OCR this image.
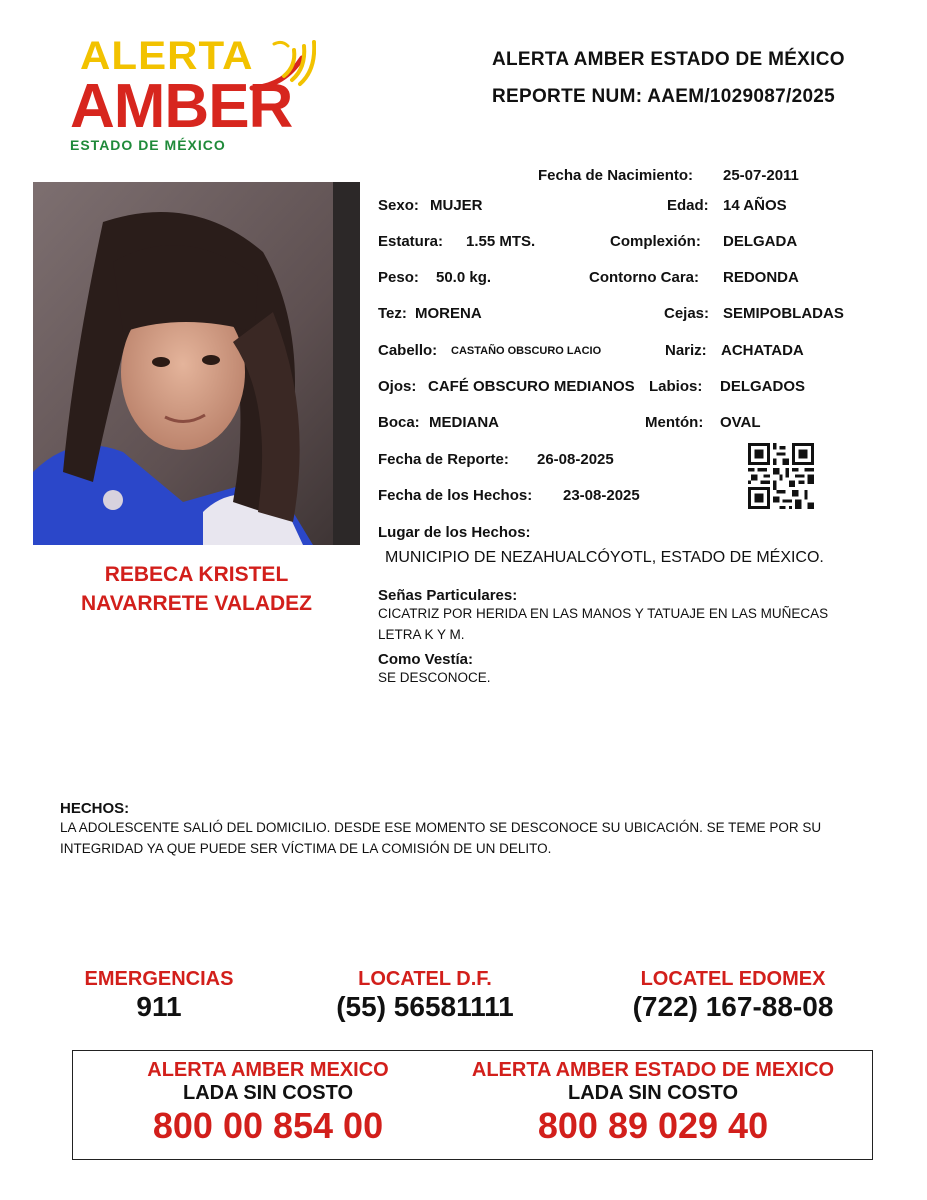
ALERTA
AMBER
ESTADO DE MÉXICO
ALERTA AMBER ESTADO DE MÉXICO
REPORTE NUM: AAEM/1029087/2025
REBECA KRISTEL
NAVARRETE VALADEZ
Fecha de Nacimiento: 25-07-2011
Sexo: MUJER	Edad: 14 AÑOS
Estatura: 1.55 MTS.	Complexión: DELGADA
Peso: 50.0 kg.	Contorno Cara: REDONDA
Tez: MORENA	Cejas: SEMIPOBLADAS
Cabello: CASTAÑO OBSCURO LACIO	Nariz: ACHATADA
Ojos: CAFÉ OBSCURO MEDIANOS Labios: DELGADOS
Boca: MEDIANA	Mentón: OVAL
Fecha de Reporte: 26-08-2025
Fecha de los Hechos: 23-08-2025
Lugar de los Hechos:
MUNICIPIO DE NEZAHUALCÓYOTL, ESTADO DE MÉXICO.
Señas Particulares:
CICATRIZ POR HERIDA EN LAS MANOS Y TATUAJE EN LAS MUÑECAS
LETRA K Y M.
Como Vestía:
SE DESCONOCE.
HECHOS:
LA ADOLESCENTE SALIÓ DEL DOMICILIO. DESDE ESE MOMENTO SE DESCONOCE SU UBICACIÓN. SE TEME POR SU
INTEGRIDAD YA QUE PUEDE SER VÍCTIMA DE LA COMISIÓN DE UN DELITO.
EMERGENCIAS
911
LOCATEL D.F.
(55) 56581111
LOCATEL EDOMEX
(722) 167-88-08
ALERTA AMBER MEXICO
LADA SIN COSTO
800 00 854 00
ALERTA AMBER ESTADO DE MEXICO
LADA SIN COSTO
800 89 029 40
